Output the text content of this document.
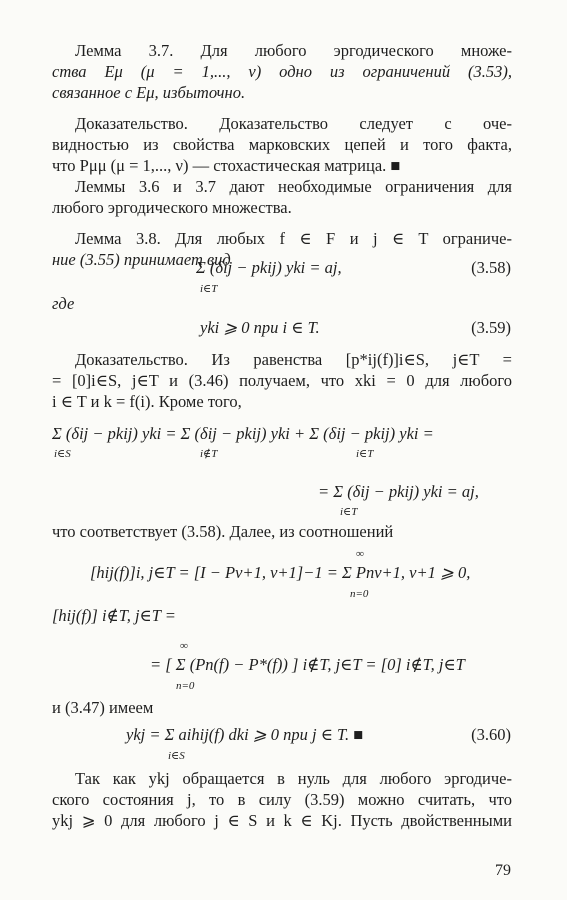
Лемма 3.7. Для любого эргодического множе-
ства Eμ (μ = 1,..., ν) одно из ограничений (3.53),
связанное с Eμ, избыточно.
Доказательство. Доказательство следует с оче-
видностью из свойства марковских цепей и того факта,
что Pμμ (μ = 1,..., ν) — стохастическая матрица. ■
Леммы 3.6 и 3.7 дают необходимые ограничения для
любого эргодического множества.
Лемма 3.8. Для любых f ∈ F и j ∈ T ограниче-
ние (3.55) принимает вид
Σ (δij − pkij) yki = aj,
i∈T
(3.58)
где
yki ⩾ 0 при i ∈ T.	(3.59)
Доказательство. Из равенства [p*ij(f)]i∈S, j∈T =
= [0]i∈S, j∈T и (3.46) получаем, что xki = 0 для любого
i ∈ T и k = f(i). Кроме того,
Σ (δij − pkij) yki = Σ (δij − pkij) yki + Σ (δij − pkij) yki =
i∈S	i∉T	i∈T
= Σ (δij − pkij) yki = aj,
i∈T
что соответствует (3.58). Далее, из соотношений
∞
[hij(f)]i, j∈T = [I − Pν+1, ν+1]−1 = Σ Pnν+1, ν+1 ⩾ 0,
n=0
[hij(f)] i∉T, j∈T =
∞
= [ Σ (Pn(f) − P*(f)) ] i∉T, j∈T = [0] i∉T, j∈T
n=0
и (3.47) имеем
ykj = Σ aihij(f) dki ⩾ 0 при j ∈ T. ■
i∈S
(3.60)
Так как ykj обращается в нуль для любого эргодиче-
ского состояния j, то в силу (3.59) можно считать, что
ykj ⩾ 0 для любого j ∈ S и k ∈ Kj. Пусть двойственными
79
